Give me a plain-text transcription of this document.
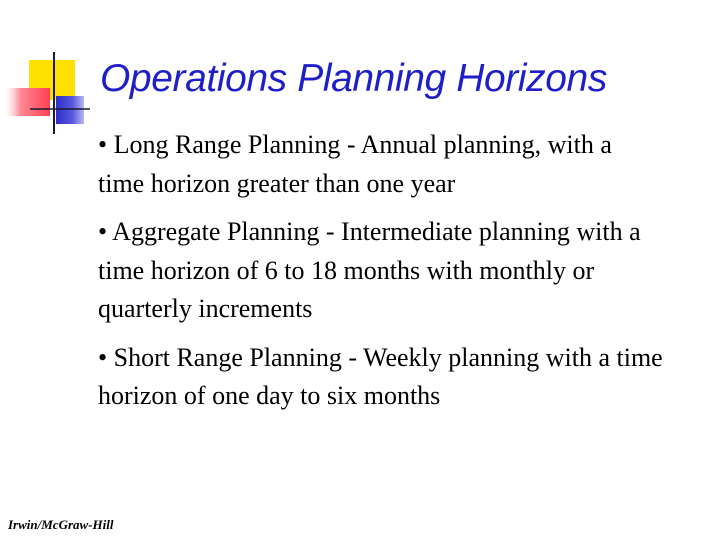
Operations Planning Horizons
• Long Range Planning - Annual planning, with a time horizon greater than one year
• Aggregate Planning - Intermediate planning with a time horizon of 6 to 18 months with monthly or quarterly increments
• Short Range Planning - Weekly planning with a time horizon of one day to six months
Irwin/McGraw-Hill
